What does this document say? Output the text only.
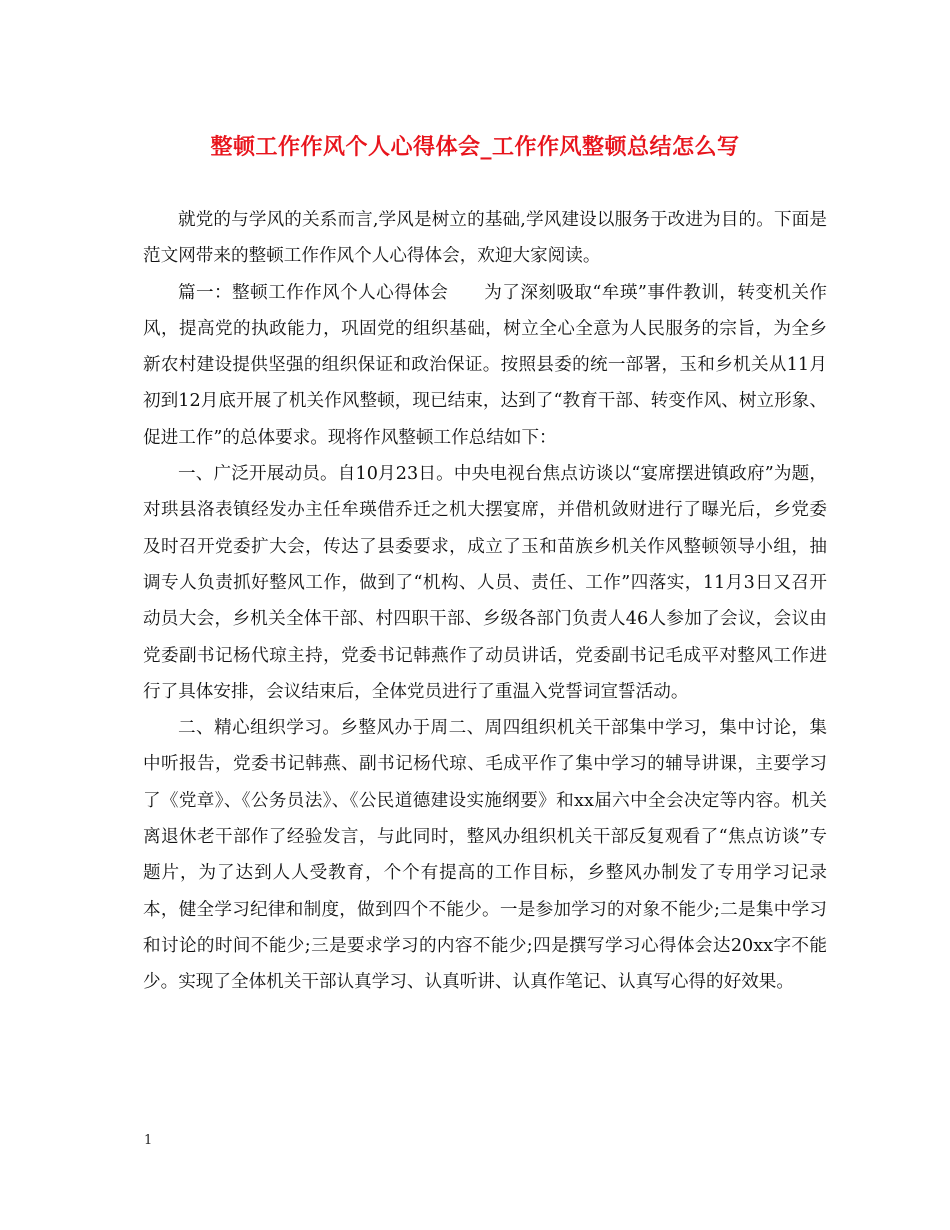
整顿工作作风个人心得体会_工作作风整顿总结怎么写

就党的与学风的关系而言,学风是树立的基础,学风建设以服务于改进为目的。下面是范文网带来的整顿工作作风个人心得体会，欢迎大家阅读。

篇一：整顿工作作风个人心得体会　　为了深刻吸取“牟瑛”事件教训，转变机关作风，提高党的执政能力，巩固党的组织基础，树立全心全意为人民服务的宗旨，为全乡新农村建设提供坚强的组织保证和政治保证。按照县委的统一部署，玉和乡机关从11月初到12月底开展了机关作风整顿，现已结束，达到了“教育干部、转变作风、树立形象、促进工作”的总体要求。现将作风整顿工作总结如下：

一、广泛开展动员。自10月23日。中央电视台焦点访谈以“宴席摆进镇政府”为题，对珙县洛表镇经发办主任牟瑛借乔迁之机大摆宴席，并借机敛财进行了曝光后，乡党委及时召开党委扩大会，传达了县委要求，成立了玉和苗族乡机关作风整顿领导小组，抽调专人负责抓好整风工作，做到了“机构、人员、责任、工作”四落实，11月3日又召开动员大会，乡机关全体干部、村四职干部、乡级各部门负责人46人参加了会议，会议由党委副书记杨代琼主持，党委书记韩燕作了动员讲话，党委副书记毛成平对整风工作进行了具体安排，会议结束后，全体党员进行了重温入党誓词宣誓活动。

二、精心组织学习。乡整风办于周二、周四组织机关干部集中学习，集中讨论，集中听报告，党委书记韩燕、副书记杨代琼、毛成平作了集中学习的辅导讲课，主要学习了《党章》、《公务员法》、《公民道德建设实施纲要》和xx届六中全会决定等内容。机关离退休老干部作了经验发言，与此同时，整风办组织机关干部反复观看了“焦点访谈”专题片，为了达到人人受教育，个个有提高的工作目标，乡整风办制发了专用学习记录本，健全学习纪律和制度，做到四个不能少。一是参加学习的对象不能少;二是集中学习和讨论的时间不能少;三是要求学习的内容不能少;四是撰写学习心得体会达20xx字不能少。实现了全体机关干部认真学习、认真听讲、认真作笔记、认真写心得的好效果。

1
